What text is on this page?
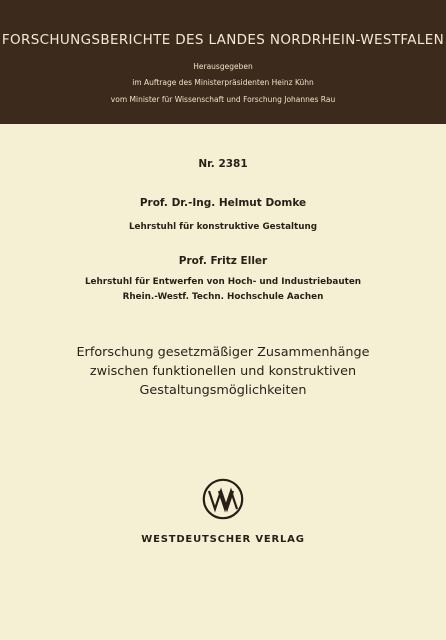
FORSCHUNGSBERICHTE DES LANDES NORDRHEIN-WESTFALEN
Herausgegeben
im Auftrage des Ministerpräsidenten Heinz Kühn
vom Minister für Wissenschaft und Forschung Johannes Rau
Nr. 2381
Prof. Dr.-Ing. Helmut Domke
Lehrstuhl für konstruktive Gestaltung
Prof. Fritz Eller
Lehrstuhl für Entwerfen von Hoch- und Industriebauten
Rhein.-Westf. Techn. Hochschule Aachen
Erforschung gesetzmäßiger Zusammenhänge
zwischen funktionellen und konstruktiven
Gestaltungsmöglichkeiten
WESTDEUTSCHER VERLAG
